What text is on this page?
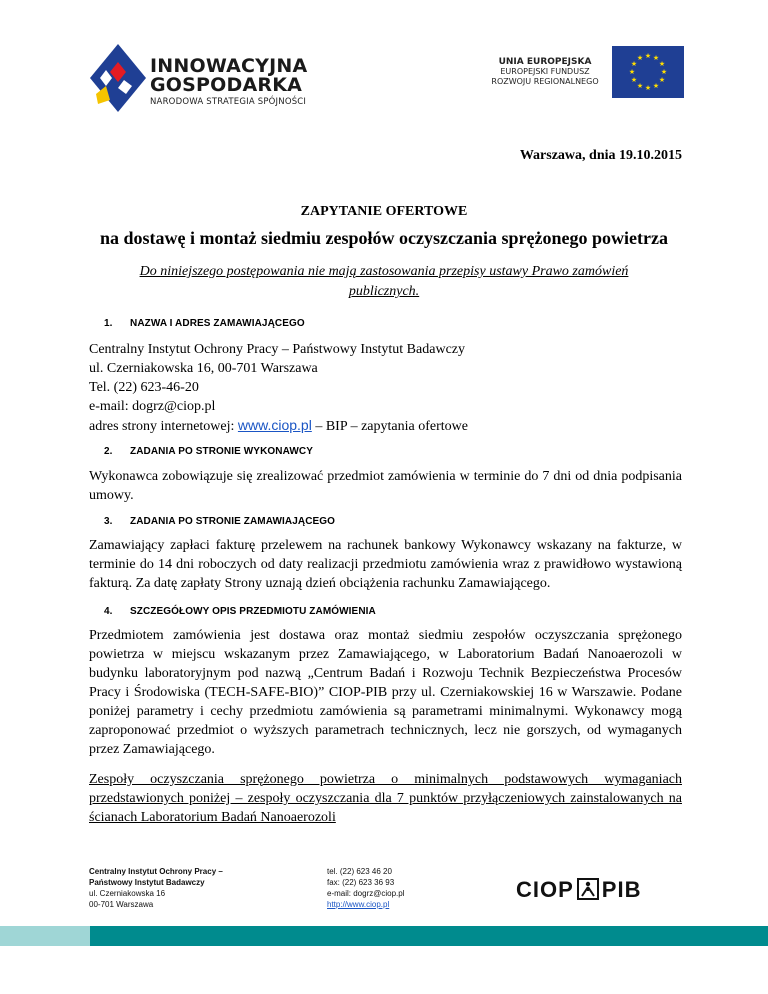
INNOWACYJNA
GOSPODARKA
NARODOWA STRATEGIA SPÓJNOŚCI
UNIA EUROPEJSKA
EUROPEJSKI FUNDUSZ
ROZWOJU REGIONALNEGO
★ ★
★
★
★
★
★
★
★
★
★
★
Warszawa, dnia 19.10.2015
ZAPYTANIE OFERTOWE
na dostawę i montaż siedmiu zespołów oczyszczania sprężonego powietrza
Do niniejszego postępowania nie mają zastosowania przepisy ustawy Prawo zamówień publicznych.
1. NAZWA I ADRES ZAMAWIAJĄCEGO
Centralny Instytut Ochrony Pracy – Państwowy Instytut Badawczy
ul. Czerniakowska 16, 00-701 Warszawa
Tel. (22) 623-46-20
e-mail: dogrz@ciop.pl
adres strony internetowej: www.ciop.pl – BIP – zapytania ofertowe
2. ZADANIA PO STRONIE WYKONAWCY
Wykonawca zobowiązuje się zrealizować przedmiot zamówienia w terminie do 7 dni od dnia podpisania umowy.
3. ZADANIA PO STRONIE ZAMAWIAJĄCEGO
Zamawiający zapłaci fakturę przelewem na rachunek bankowy Wykonawcy wskazany na fakturze, w terminie do 14 dni roboczych od daty realizacji przedmiotu zamówienia wraz z prawidłowo wystawioną fakturą. Za datę zapłaty Strony uznają dzień obciążenia rachunku Zamawiającego.
4. SZCZEGÓŁOWY OPIS PRZEDMIOTU ZAMÓWIENIA
Przedmiotem zamówienia jest dostawa oraz montaż siedmiu zespołów oczyszczania sprężonego powietrza w miejscu wskazanym przez Zamawiającego, w Laboratorium Badań Nanoaerozoli w budynku laboratoryjnym pod nazwą „Centrum Badań i Rozwoju Technik Bezpieczeństwa Procesów Pracy i Środowiska (TECH-SAFE-BIO)” CIOP-PIB przy ul. Czerniakowskiej 16 w Warszawie. Podane poniżej parametry i cechy przedmiotu zamówienia są parametrami minimalnymi. Wykonawcy mogą zaproponować przedmiot o wyższych parametrach technicznych, lecz nie gorszych, od wymaganych przez Zamawiającego.
Zespoły oczyszczania sprężonego powietrza o minimalnych podstawowych wymaganiach przedstawionych poniżej – zespoły oczyszczania dla 7 punktów przyłączeniowych zainstalowanych na ścianach Laboratorium Badań Nanoaerozoli
Centralny Instytut Ochrony Pracy –
Państwowy Instytut Badawczy
ul. Czerniakowska 16
00-701 Warszawa
tel. (22) 623 46 20
fax: (22) 623 36 93
e-mail: dogrz@ciop.pl
http://www.ciop.pl
CIOP PIB
